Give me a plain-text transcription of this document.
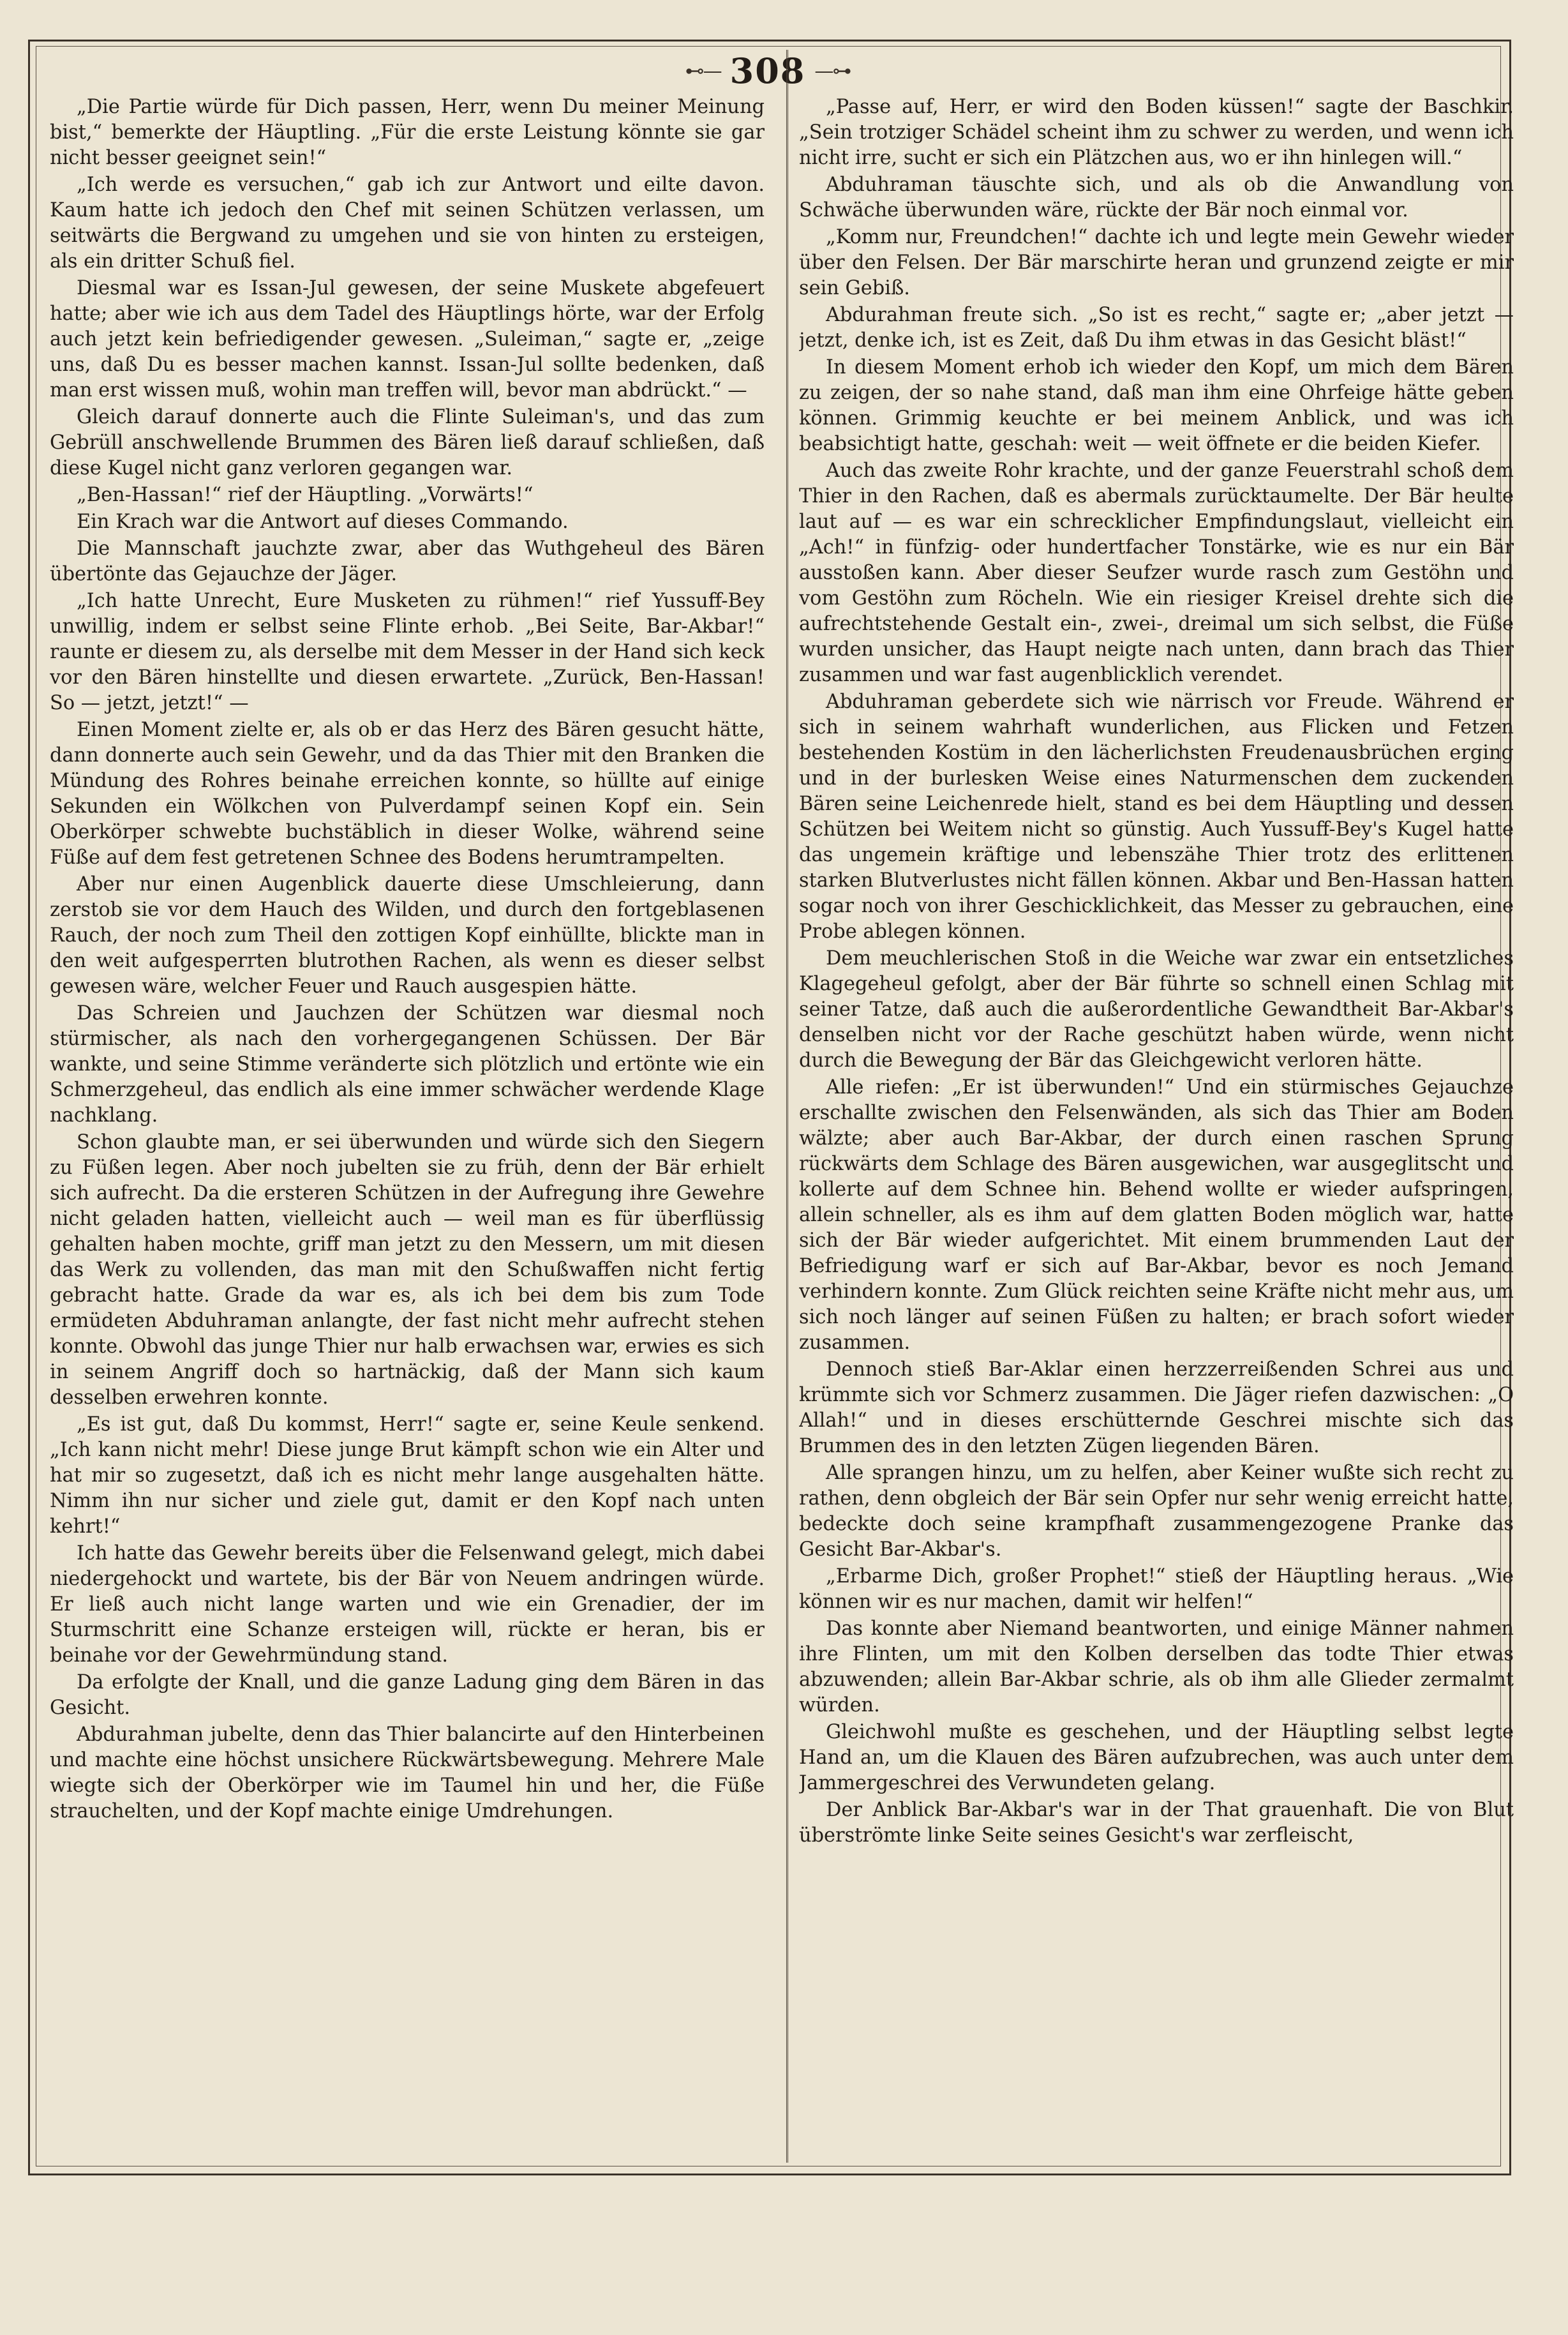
⊷— 308 —⊶

„Die Partie würde für Dich passen, Herr, wenn Du meiner Meinung bist,“ bemerkte der Häuptling. „Für die erste Leistung könnte sie gar nicht besser geeignet sein!“

„Ich werde es versuchen,“ gab ich zur Antwort und eilte davon. Kaum hatte ich jedoch den Chef mit seinen Schützen verlassen, um seitwärts die Bergwand zu umgehen und sie von hinten zu ersteigen, als ein dritter Schuß fiel.

Diesmal war es Issan-Jul gewesen, der seine Muskete abgefeuert hatte; aber wie ich aus dem Tadel des Häuptlings hörte, war der Erfolg auch jetzt kein befriedigender gewesen. „Suleiman,“ sagte er, „zeige uns, daß Du es besser machen kannst. Issan-Jul sollte bedenken, daß man erst wissen muß, wohin man treffen will, bevor man abdrückt.“ —

Gleich darauf donnerte auch die Flinte Suleiman's, und das zum Gebrüll anschwellende Brummen des Bären ließ darauf schließen, daß diese Kugel nicht ganz verloren gegangen war.

„Ben-Hassan!“ rief der Häuptling. „Vorwärts!“

Ein Krach war die Antwort auf dieses Commando.

Die Mannschaft jauchzte zwar, aber das Wuthgeheul des Bären übertönte das Gejauchze der Jäger.

„Ich hatte Unrecht, Eure Musketen zu rühmen!“ rief Yussuff-Bey unwillig, indem er selbst seine Flinte erhob. „Bei Seite, Bar-Akbar!“ raunte er diesem zu, als derselbe mit dem Messer in der Hand sich keck vor den Bären hinstellte und diesen erwartete. „Zurück, Ben-Hassan! So — jetzt, jetzt!“ —

Einen Moment zielte er, als ob er das Herz des Bären gesucht hätte, dann donnerte auch sein Gewehr, und da das Thier mit den Branken die Mündung des Rohres beinahe erreichen konnte, so hüllte auf einige Sekunden ein Wölkchen von Pulverdampf seinen Kopf ein. Sein Oberkörper schwebte buchstäblich in dieser Wolke, während seine Füße auf dem fest getretenen Schnee des Bodens herumtrampelten.

Aber nur einen Augenblick dauerte diese Umschleierung, dann zerstob sie vor dem Hauch des Wilden, und durch den fortgeblasenen Rauch, der noch zum Theil den zottigen Kopf einhüllte, blickte man in den weit aufgesperrten blutrothen Rachen, als wenn es dieser selbst gewesen wäre, welcher Feuer und Rauch ausgespien hätte.

Das Schreien und Jauchzen der Schützen war diesmal noch stürmischer, als nach den vorhergegangenen Schüssen. Der Bär wankte, und seine Stimme veränderte sich plötzlich und ertönte wie ein Schmerzgeheul, das endlich als eine immer schwächer werdende Klage nachklang.

Schon glaubte man, er sei überwunden und würde sich den Siegern zu Füßen legen. Aber noch jubelten sie zu früh, denn der Bär erhielt sich aufrecht. Da die ersteren Schützen in der Aufregung ihre Gewehre nicht geladen hatten, vielleicht auch — weil man es für überflüssig gehalten haben mochte, griff man jetzt zu den Messern, um mit diesen das Werk zu vollenden, das man mit den Schußwaffen nicht fertig gebracht hatte. Grade da war es, als ich bei dem bis zum Tode ermüdeten Abduhraman anlangte, der fast nicht mehr aufrecht stehen konnte. Obwohl das junge Thier nur halb erwachsen war, erwies es sich in seinem Angriff doch so hartnäckig, daß der Mann sich kaum desselben erwehren konnte.

„Es ist gut, daß Du kommst, Herr!“ sagte er, seine Keule senkend. „Ich kann nicht mehr! Diese junge Brut kämpft schon wie ein Alter und hat mir so zugesetzt, daß ich es nicht mehr lange ausgehalten hätte. Nimm ihn nur sicher und ziele gut, damit er den Kopf nach unten kehrt!“

Ich hatte das Gewehr bereits über die Felsenwand gelegt, mich dabei niedergehockt und wartete, bis der Bär von Neuem andringen würde. Er ließ auch nicht lange warten und wie ein Grenadier, der im Sturmschritt eine Schanze ersteigen will, rückte er heran, bis er beinahe vor der Gewehrmündung stand.

Da erfolgte der Knall, und die ganze Ladung ging dem Bären in das Gesicht.

Abdurahman jubelte, denn das Thier balancirte auf den Hinterbeinen und machte eine höchst unsichere Rückwärtsbewegung. Mehrere Male wiegte sich der Oberkörper wie im Taumel hin und her, die Füße strauchelten, und der Kopf machte einige Umdrehungen.

„Passe auf, Herr, er wird den Boden küssen!“ sagte der Baschkir. „Sein trotziger Schädel scheint ihm zu schwer zu werden, und wenn ich nicht irre, sucht er sich ein Plätzchen aus, wo er ihn hinlegen will.“

Abduhraman täuschte sich, und als ob die Anwandlung von Schwäche überwunden wäre, rückte der Bär noch einmal vor.

„Komm nur, Freundchen!“ dachte ich und legte mein Gewehr wieder über den Felsen. Der Bär marschirte heran und grunzend zeigte er mir sein Gebiß.

Abdurahman freute sich. „So ist es recht,“ sagte er; „aber jetzt — jetzt, denke ich, ist es Zeit, daß Du ihm etwas in das Gesicht bläst!“

In diesem Moment erhob ich wieder den Kopf, um mich dem Bären zu zeigen, der so nahe stand, daß man ihm eine Ohrfeige hätte geben können. Grimmig keuchte er bei meinem Anblick, und was ich beabsichtigt hatte, geschah: weit — weit öffnete er die beiden Kiefer.

Auch das zweite Rohr krachte, und der ganze Feuerstrahl schoß dem Thier in den Rachen, daß es abermals zurücktaumelte. Der Bär heulte laut auf — es war ein schrecklicher Empfindungslaut, vielleicht ein „Ach!“ in fünfzig- oder hundertfacher Tonstärke, wie es nur ein Bär ausstoßen kann. Aber dieser Seufzer wurde rasch zum Gestöhn und vom Gestöhn zum Röcheln. Wie ein riesiger Kreisel drehte sich die aufrechtstehende Gestalt ein-, zwei-, dreimal um sich selbst, die Füße wurden unsicher, das Haupt neigte nach unten, dann brach das Thier zusammen und war fast augenblicklich verendet.

Abduhraman geberdete sich wie närrisch vor Freude. Während er sich in seinem wahrhaft wunderlichen, aus Flicken und Fetzen bestehenden Kostüm in den lächerlichsten Freudenausbrüchen erging und in der burlesken Weise eines Naturmenschen dem zuckenden Bären seine Leichenrede hielt, stand es bei dem Häuptling und dessen Schützen bei Weitem nicht so günstig. Auch Yussuff-Bey's Kugel hatte das ungemein kräftige und lebenszähe Thier trotz des erlittenen starken Blutverlustes nicht fällen können. Akbar und Ben-Hassan hatten sogar noch von ihrer Geschicklichkeit, das Messer zu gebrauchen, eine Probe ablegen können.

Dem meuchlerischen Stoß in die Weiche war zwar ein entsetzliches Klagegeheul gefolgt, aber der Bär führte so schnell einen Schlag mit seiner Tatze, daß auch die außerordentliche Gewandtheit Bar-Akbar's denselben nicht vor der Rache geschützt haben würde, wenn nicht durch die Bewegung der Bär das Gleichgewicht verloren hätte.

Alle riefen: „Er ist überwunden!“ Und ein stürmisches Gejauchze erschallte zwischen den Felsenwänden, als sich das Thier am Boden wälzte; aber auch Bar-Akbar, der durch einen raschen Sprung rückwärts dem Schlage des Bären ausgewichen, war ausgeglitscht und kollerte auf dem Schnee hin. Behend wollte er wieder aufspringen, allein schneller, als es ihm auf dem glatten Boden möglich war, hatte sich der Bär wieder aufgerichtet. Mit einem brummenden Laut der Befriedigung warf er sich auf Bar-Akbar, bevor es noch Jemand verhindern konnte. Zum Glück reichten seine Kräfte nicht mehr aus, um sich noch länger auf seinen Füßen zu halten; er brach sofort wieder zusammen.

Dennoch stieß Bar-Aklar einen herzzerreißenden Schrei aus und krümmte sich vor Schmerz zusammen. Die Jäger riefen dazwischen: „O Allah!“ und in dieses erschütternde Geschrei mischte sich das Brummen des in den letzten Zügen liegenden Bären.

Alle sprangen hinzu, um zu helfen, aber Keiner wußte sich recht zu rathen, denn obgleich der Bär sein Opfer nur sehr wenig erreicht hatte, bedeckte doch seine krampfhaft zusammengezogene Pranke das Gesicht Bar-Akbar's.

„Erbarme Dich, großer Prophet!“ stieß der Häuptling heraus. „Wie können wir es nur machen, damit wir helfen!“

Das konnte aber Niemand beantworten, und einige Männer nahmen ihre Flinten, um mit den Kolben derselben das todte Thier etwas abzuwenden; allein Bar-Akbar schrie, als ob ihm alle Glieder zermalmt würden.

Gleichwohl mußte es geschehen, und der Häuptling selbst legte Hand an, um die Klauen des Bären aufzubrechen, was auch unter dem Jammergeschrei des Verwundeten gelang.

Der Anblick Bar-Akbar's war in der That grauenhaft. Die von Blut überströmte linke Seite seines Gesicht's war zerfleischt,
